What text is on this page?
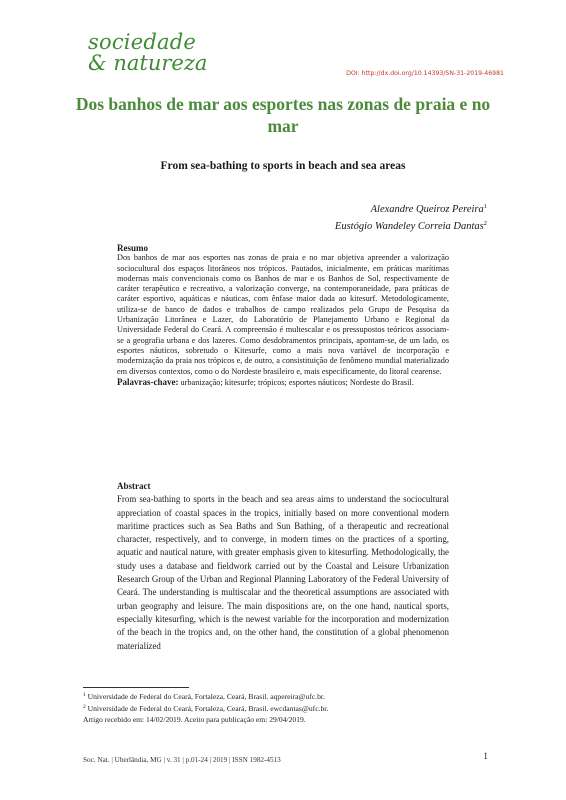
sociedade
& natureza	DOI: http://dx.doi.org/10.14393/SN-31-2019-46981
Dos banhos de mar aos esportes nas zonas de praia e no mar
From sea-bathing to sports in beach and sea areas
Alexandre Queiroz Pereira$^1$
Eustógio Wandeley Correia Dantas$^2$
Resumo

Dos banhos de mar aos esportes nas zonas de praia e no mar objetiva apreender a valorização sociocultural dos espaços litorâneos nos trópicos. Pautados, inicialmente, em práticas marítimas modernas mais convencionais como os Banhos de mar e os Banhos de Sol, respectivamente de caráter terapêutico e recreativo, a valorização converge, na contemporaneidade, para práticas de caráter esportivo, aquáticas e náuticas, com ênfase maior dada ao kitesurf. Metodologicamente, utiliza-se de banco de dados e trabalhos de campo realizados pelo Grupo de Pesquisa da Urbanização Litorânea e Lazer, do Laboratório de Planejamento Urbano e Regional da Universidade Federal do Ceará. A compreensão é multescalar e os pressupostos teóricos associam-se a geografia urbana e dos lazeres. Como desdobramentos principais, apontam-se, de um lado, os esportes náuticos, sobretudo o Kitesurfe, como a mais nova variável de incorporação e modernização da praia nos trópicos e, de outro, a consistituição de fenômeno mundial materializado em diversos contextos, como o do Nordeste brasileiro e, mais especificamente, do litoral cearense.

Palavras-chave: urbanização; kitesurfe; trópicos; esportes náuticos; Nordeste do Brasil.

Abstract

From sea-bathing to sports in the beach and sea areas aims to understand the sociocultural appreciation of coastal spaces in the tropics, initially based on more conventional modern maritime practices such as Sea Baths and Sun Bathing, of a therapeutic and recreational character, respectively, and to converge, in modern times on the practices of a sporting, aquatic and nautical nature, with greater emphasis given to kitesurfing. Methodologically, the study uses a database and fieldwork carried out by the Coastal and Leisure Urbanization Research Group of the Urban and Regional Planning Laboratory of the Federal University of Ceará. The understanding is multiscalar and the theoretical assumptions are associated with urban geography and leisure. The main dispositions are, on the one hand, nautical sports, especially kitesurfing, which is the newest variable for the incorporation and modernization of the beach in the tropics and, on the other hand, the constitution of a global phenomenon materialized

$^1$ Universidade de Federal do Ceará, Fortaleza, Ceará, Brasil. aqpereira@ufc.br.
$^2$ Universidade de Federal do Ceará, Fortaleza, Ceará, Brasil. ewcdantas@ufc.br.
Artigo recebido em: 14/02/2019. Aceito para publicação em: 29/04/2019.
Soc. Nat. | Uberlândia, MG | v. 31 | p.01-24 | 2019 | ISSN 1982-4513	1
